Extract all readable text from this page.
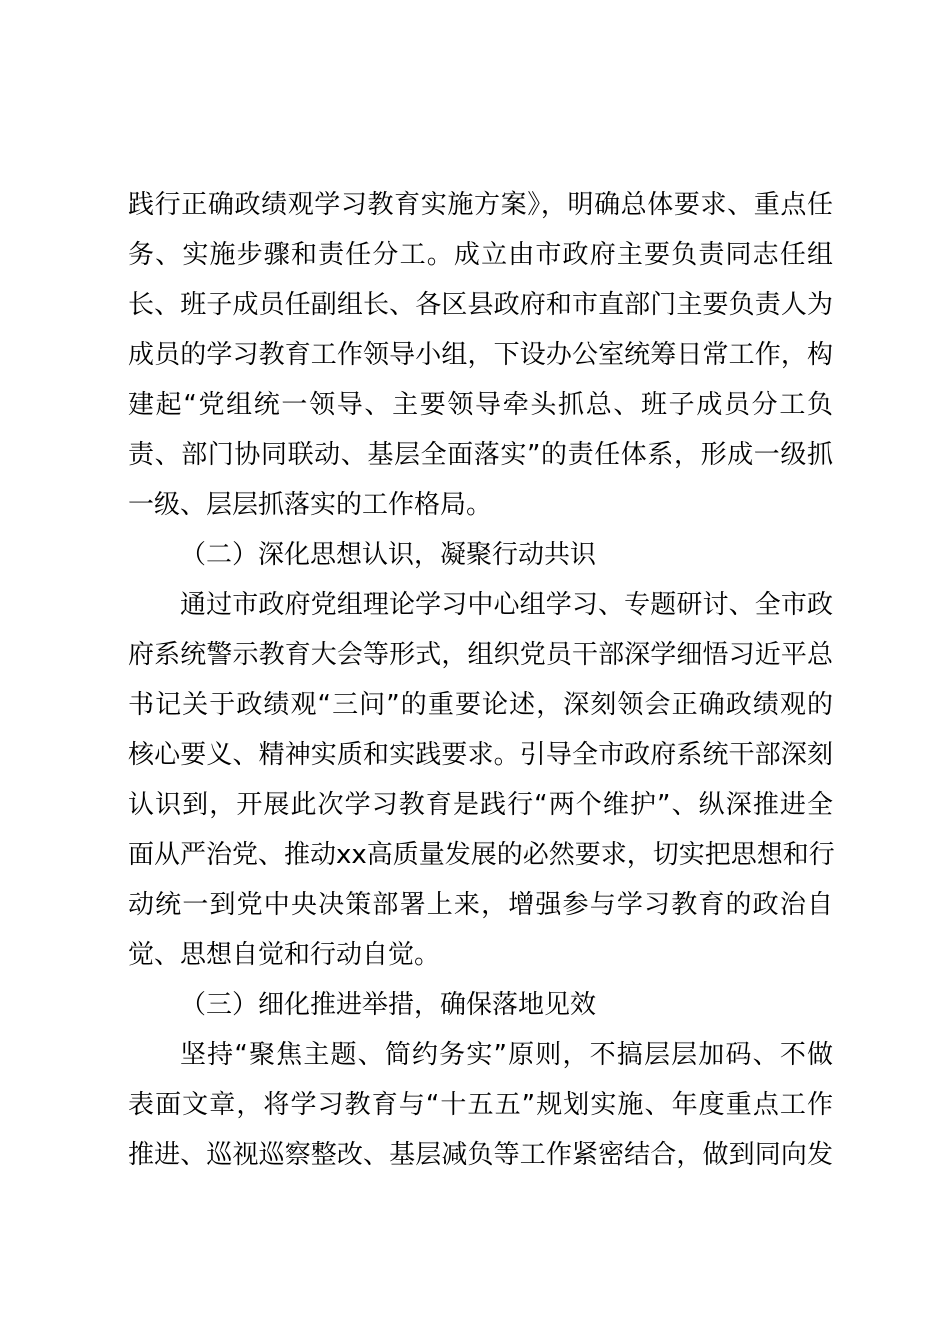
践行正确政绩观学习教育实施方案》，明确总体要求、重点任
务、实施步骤和责任分工。成立由市政府主要负责同志任组
长、班子成员任副组长、各区县政府和市直部门主要负责人为
成员的学习教育工作领导小组，下设办公室统筹日常工作，构
建起“党组统一领导、主要领导牵头抓总、班子成员分工负
责、部门协同联动、基层全面落实”的责任体系，形成一级抓
一级、层层抓落实的工作格局。
（二）深化思想认识，凝聚行动共识
通过市政府党组理论学习中心组学习、专题研讨、全市政
府系统警示教育大会等形式，组织党员干部深学细悟习近平总
书记关于政绩观“三问”的重要论述，深刻领会正确政绩观的
核心要义、精神实质和实践要求。引导全市政府系统干部深刻
认识到，开展此次学习教育是践行“两个维护”、纵深推进全
面从严治党、推动xx高质量发展的必然要求，切实把思想和行
动统一到党中央决策部署上来，增强参与学习教育的政治自
觉、思想自觉和行动自觉。
（三）细化推进举措，确保落地见效
坚持“聚焦主题、简约务实”原则，不搞层层加码、不做
表面文章，将学习教育与“十五五”规划实施、年度重点工作
推进、巡视巡察整改、基层减负等工作紧密结合，做到同向发
